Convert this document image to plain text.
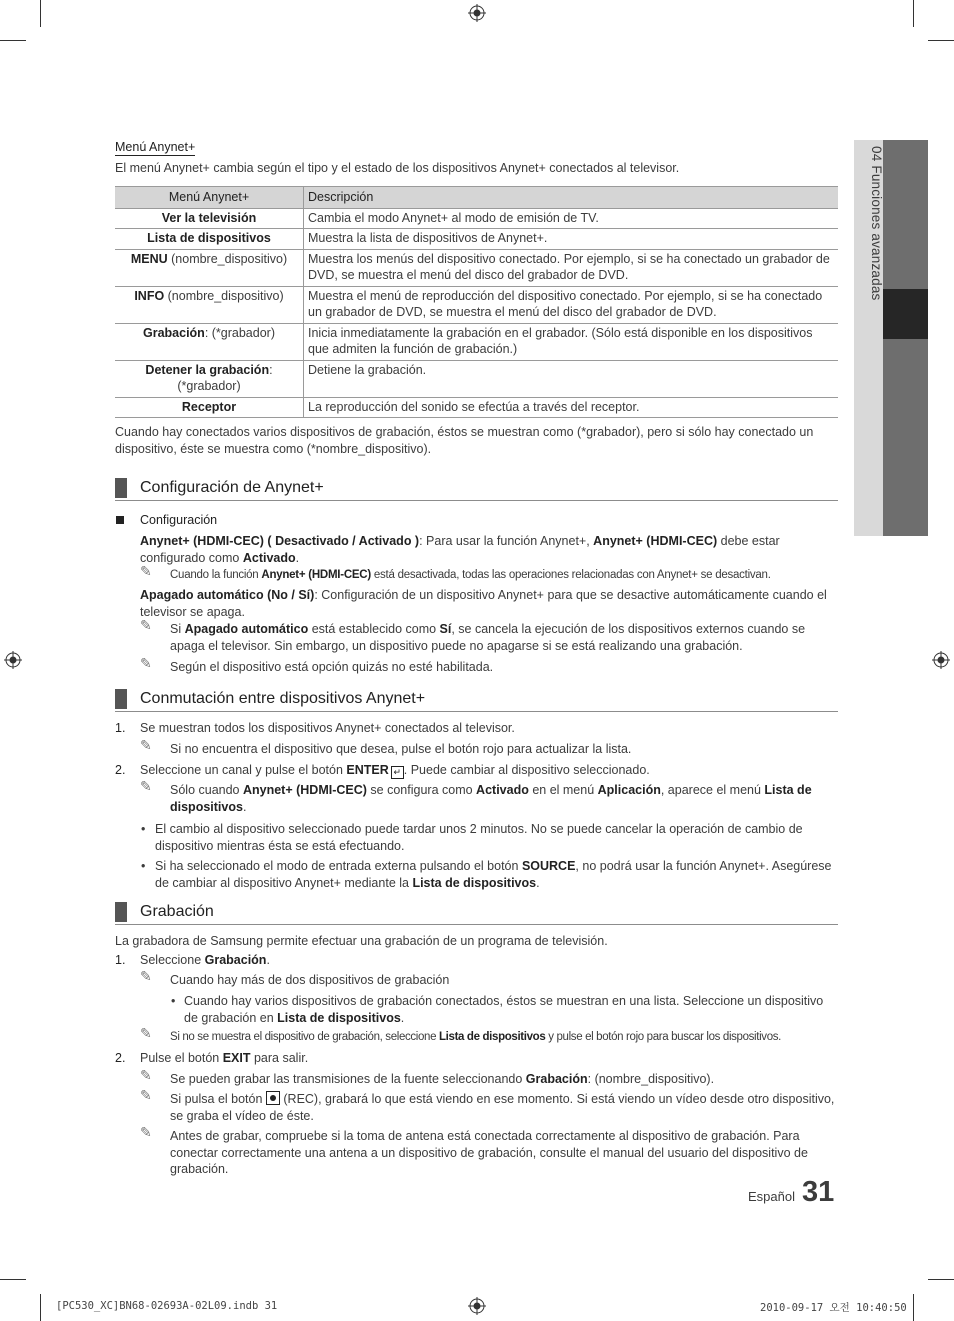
04 Funciones avanzadas
Menú Anynet+
El menú Anynet+ cambia según el tipo y el estado de los dispositivos Anynet+ conectados al televisor.
Menú Anynet+	Descripción
Ver la televisión	Cambia el modo Anynet+ al modo de emisión de TV.
Lista de dispositivos	Muestra la lista de dispositivos de Anynet+.
MENU (nombre_dispositivo)	Muestra los menús del dispositivo conectado. Por ejemplo, si se ha conectado un grabador de DVD, se muestra el menú del disco del grabador de DVD.
INFO (nombre_dispositivo)	Muestra el menú de reproducción del dispositivo conectado. Por ejemplo, si se ha conectado un grabador de DVD, se muestra el menú del disco del grabador de DVD.
Grabación: (*grabador)	Inicia inmediatamente la grabación en el grabador. (Sólo está disponible en los dispositivos que admiten la función de grabación.)
Detener la grabación: (*grabador)	Detiene la grabación.
Receptor	La reproducción del sonido se efectúa a través del receptor.
Cuando hay conectados varios dispositivos de grabación, éstos se muestran como (*grabador), pero si sólo hay conectado un dispositivo, éste se muestra como (*nombre_dispositivo).
Configuración de Anynet+
Configuración
Anynet+ (HDMI-CEC) ( Desactivado / Activado ): Para usar la función Anynet+, Anynet+ (HDMI-CEC) debe estar configurado como Activado.
✎ Cuando la función Anynet+ (HDMI-CEC) está desactivada, todas las operaciones relacionadas con Anynet+ se desactivan.
Apagado automático (No / Sí): Configuración de un dispositivo Anynet+ para que se desactive automáticamente cuando el televisor se apaga.
✎ Si Apagado automático está establecido como Sí, se cancela la ejecución de los dispositivos externos cuando se apaga el televisor. Sin embargo, un dispositivo puede no apagarse si se está realizando una grabación.
✎ Según el dispositivo está opción quizás no esté habilitada.
Conmutación entre dispositivos Anynet+
1. Se muestran todos los dispositivos Anynet+ conectados al televisor.
✎ Si no encuentra el dispositivo que desea, pulse el botón rojo para actualizar la lista.
2. Seleccione un canal y pulse el botón ENTER ↵ . Puede cambiar al dispositivo seleccionado.
✎ Sólo cuando Anynet+ (HDMI-CEC) se configura como Activado en el menú Aplicación, aparece el menú Lista de dispositivos.
• El cambio al dispositivo seleccionado puede tardar unos 2 minutos. No se puede cancelar la operación de cambio de dispositivo mientras ésta se está efectuando.
• Si ha seleccionado el modo de entrada externa pulsando el botón SOURCE, no podrá usar la función Anynet+. Asegúrese de cambiar al dispositivo Anynet+ mediante la Lista de dispositivos.
Grabación
La grabadora de Samsung permite efectuar una grabación de un programa de televisión.
1. Seleccione Grabación.
✎ Cuando hay más de dos dispositivos de grabación
• Cuando hay varios dispositivos de grabación conectados, éstos se muestran en una lista. Seleccione un dispositivo de grabación en Lista de dispositivos.
✎ Si no se muestra el dispositivo de grabación, seleccione Lista de dispositivos y pulse el botón rojo para buscar los dispositivos.
2. Pulse el botón EXIT para salir.
✎ Se pueden grabar las transmisiones de la fuente seleccionando Grabación: (nombre_dispositivo).
✎ Si pulsa el botón
(REC), grabará lo que está viendo en ese momento. Si está viendo un vídeo desde otro dispositivo, se graba el vídeo de éste.
✎ Antes de grabar, compruebe si la toma de antena está conectada correctamente al dispositivo de grabación. Para conectar correctamente una antena a un dispositivo de grabación, consulte el manual del usuario del dispositivo de grabación.
Español 31
[PC530_XC]BN68-02693A-02L09.indb 31	2010-09-17 오전 10:40:50
